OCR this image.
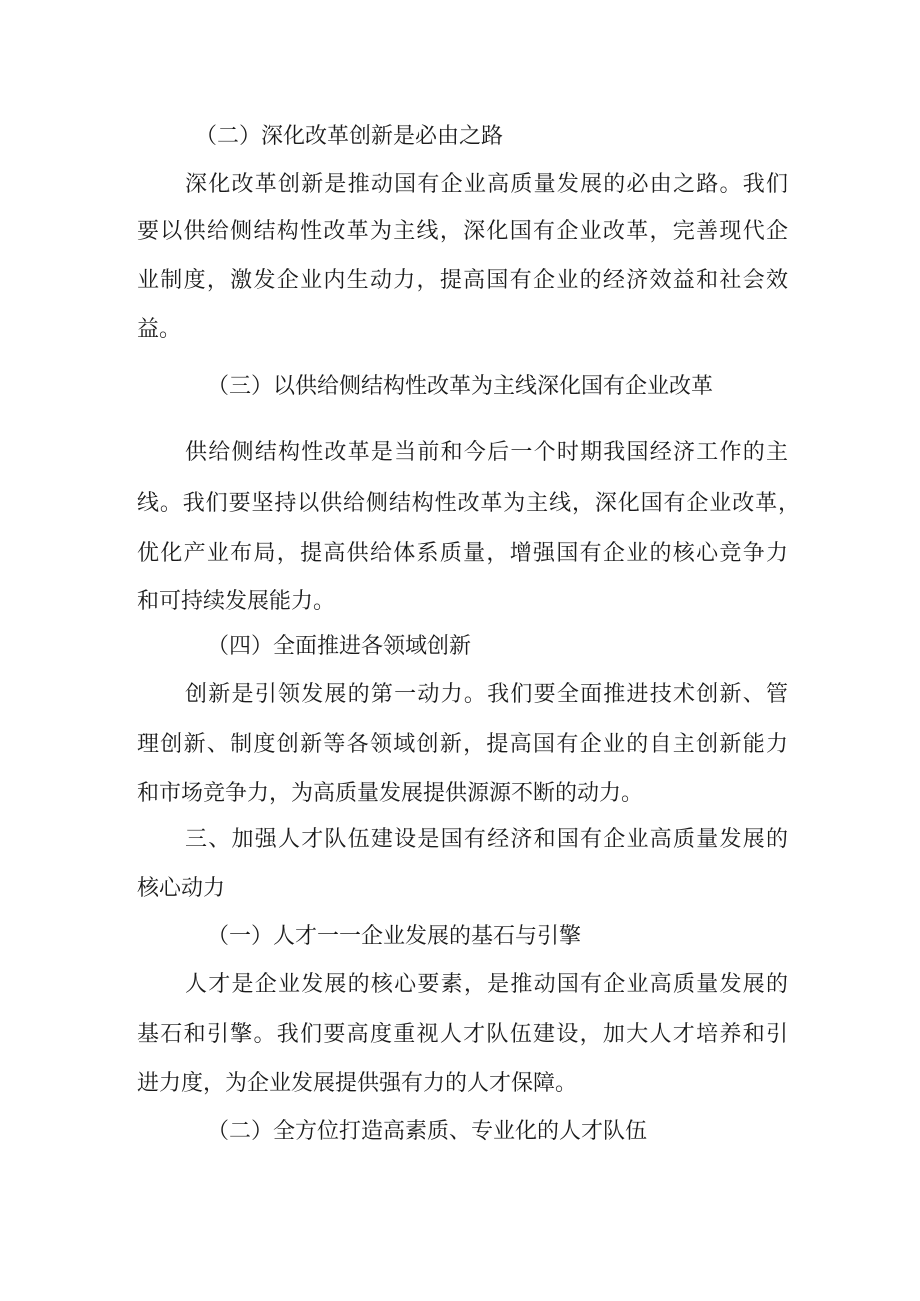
（二）深化改革创新是必由之路
深化改革创新是推动国有企业高质量发展的必由之路。我们
要以供给侧结构性改革为主线，深化国有企业改革，完善现代企
业制度，激发企业内生动力，提高国有企业的经济效益和社会效
益。
（三）以供给侧结构性改革为主线深化国有企业改革
供给侧结构性改革是当前和今后一个时期我国经济工作的主
线。我们要坚持以供给侧结构性改革为主线，深化国有企业改革，
优化产业布局，提高供给体系质量，增强国有企业的核心竞争力
和可持续发展能力。
（四）全面推进各领域创新
创新是引领发展的第一动力。我们要全面推进技术创新、管
理创新、制度创新等各领域创新，提高国有企业的自主创新能力
和市场竞争力，为高质量发展提供源源不断的动力。
三、加强人才队伍建设是国有经济和国有企业高质量发展的
核心动力
（一）人才一一企业发展的基石与引擎
人才是企业发展的核心要素，是推动国有企业高质量发展的
基石和引擎。我们要高度重视人才队伍建设，加大人才培养和引
进力度，为企业发展提供强有力的人才保障。
（二）全方位打造高素质、专业化的人才队伍
